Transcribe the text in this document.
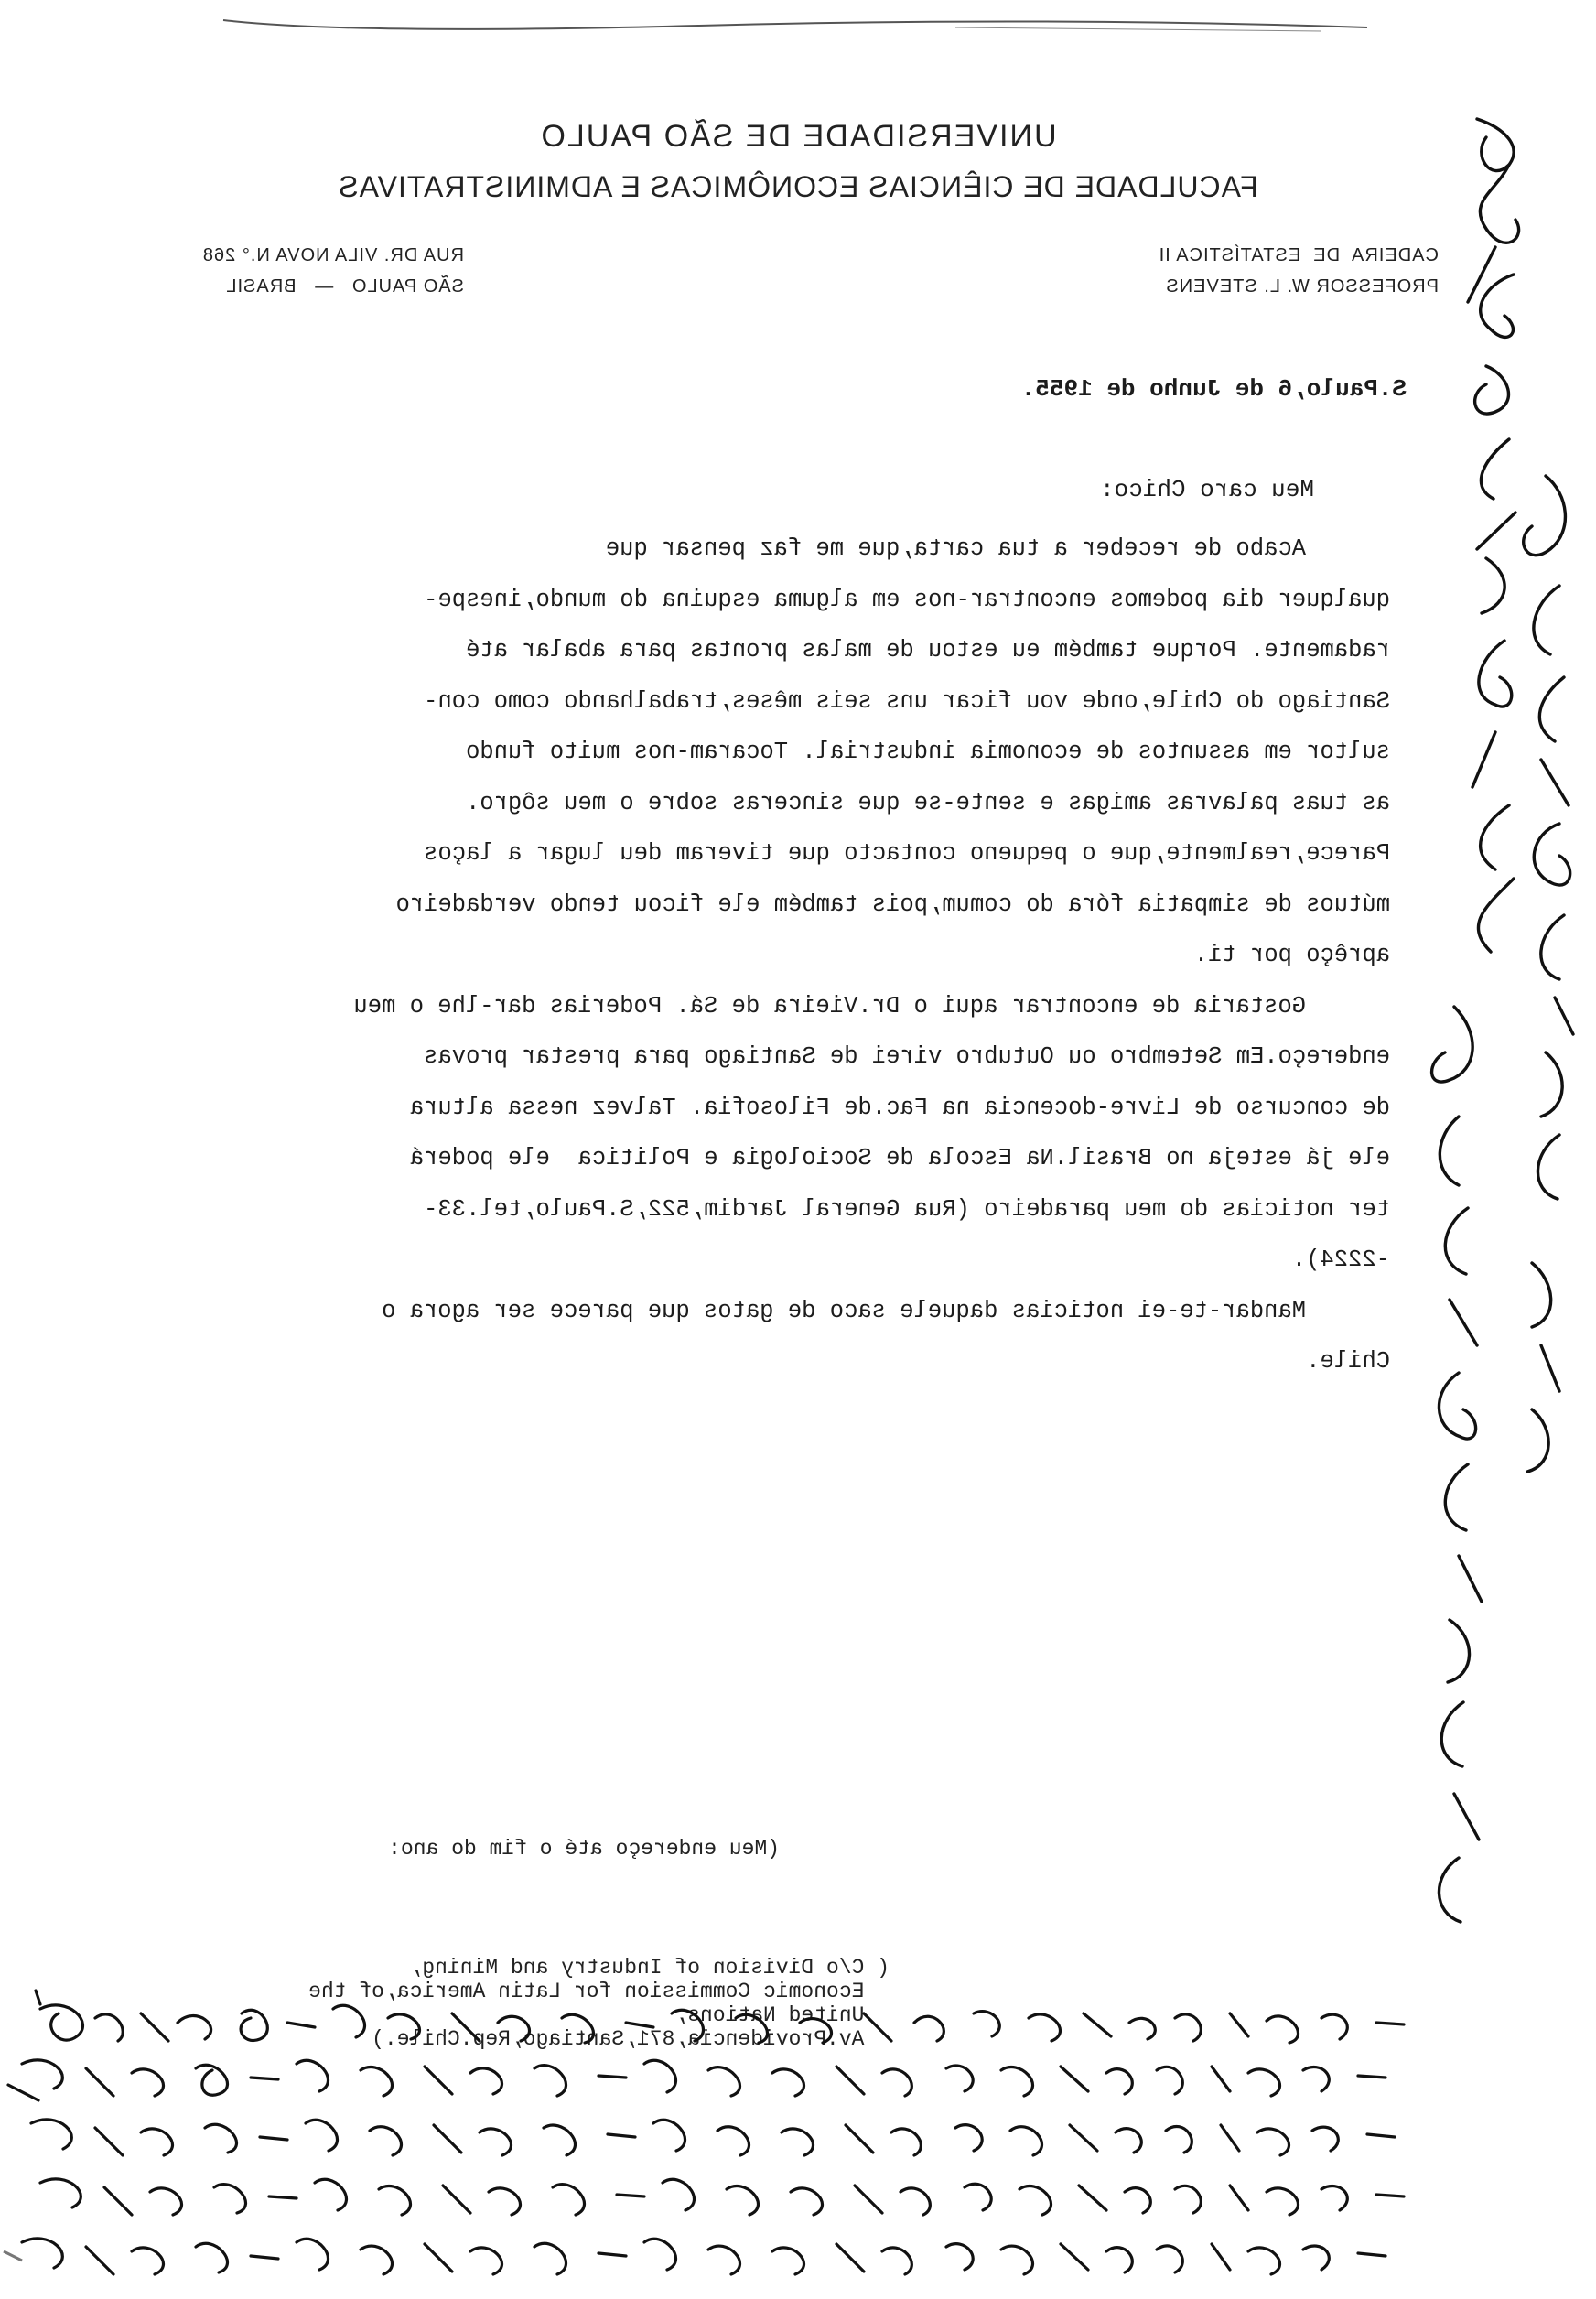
UNIVERSIDADE DE SÃO PAULO
FACULDADE DE CIÊNCIAS ECONÔMICAS E ADMINISTRATIVAS
CADEIRA  DE  ESTATÍSTICA II
PROFESSOR W. L. STEVENS
RUA DR. VILA NOVA N.° 268
SÃO PAULO   —   BRASIL
S.Paulo,6 de Junho de 1955.
Meu caro Chico:
Acabo de receber a tua carta,que me faz pensar que
qualquer dia podemos encontrar-nos em alguma esquina do mundo,inespe-
radamente. Porque também eu estou de malas prontas para abalar até
Santiago do Chile,onde vou ficar uns seis mêses,trabalhando como con-
sultor em assuntos de economia industrial. Tocaram-nos muito fundo
as tuas palavras amigas e sente-se que sinceras sobre o meu sôgro.
Parece,realmente,que o pequeno contacto que tiveram deu lugar a laços
mútuos de simpatia fóra do comum,pois também ele ficou tendo verdadeiro
aprêço por ti.
Gostaria de encontrar aqui o Dr.Vieira de Sá. Poderias dar-lhe o meu
endereço.Em Setembro ou Outubro virei de Santiago para prestar provas
de concurso de Livre-docencia na Fac.de Filosofia. Talvez nessa altura
ele já esteja no Brasil.Na Escola de Sociologia e Politica  ele poderá
ter noticias do meu paradeiro (Rua General Jardim,522,S.Paulo,tel.33-
-2224).
Mandar-te-ei noticias daquele saco de gatos que parece ser agora o
Chile.

(Meu endereço até o fim do ano:

( C/o Division of Industry and Mining,
Economic Commission for Latin America,of the
United Nations,
Av.Providencia,871,Santiago,Rep.Chile.)
